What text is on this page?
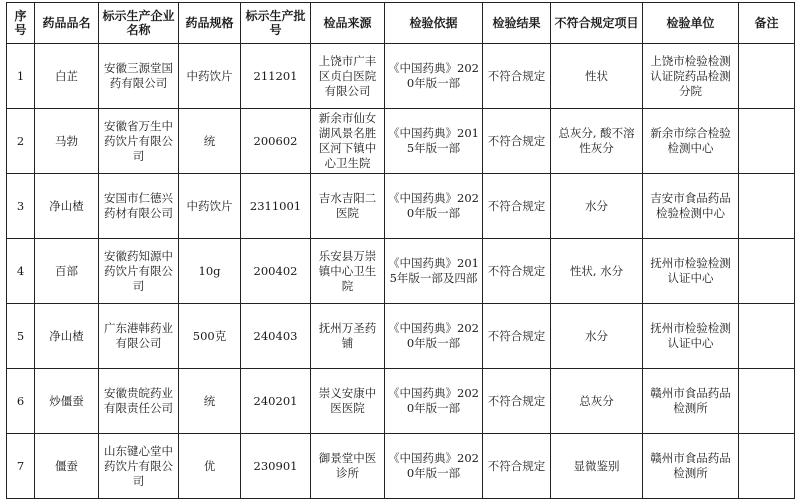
序号	药品品名	标示生产企业名称	药品规格	标示生产批号	检品来源	检验依据	检验结果	不符合规定项目	检验单位	备注
1	白芷	安徽三源堂国药有限公司	中药饮片	211201	上饶市广丰区贞白医院有限公司	《中国药典》2020年版一部	不符合规定	性状	上饶市检验检测认证院药品检测分院	
2	马勃	安徽省万生中药饮片有限公司	统	200602	新余市仙女湖风景名胜区河下镇中心卫生院	《中国药典》2015年版一部	不符合规定	总灰分, 酸不溶性灰分	新余市综合检验检测中心	
3	净山楂	安国市仁德兴药材有限公司	中药饮片	2311001	吉水吉阳二医院	《中国药典》2020年版一部	不符合规定	水分	吉安市食品药品检验检测中心	
4	百部	安徽药知源中药饮片有限公司	10g	200402	乐安县万崇镇中心卫生院	《中国药典》2015年版一部及四部	不符合规定	性状, 水分	抚州市检验检测认证中心	
5	净山楂	广东港韩药业有限公司	500克	240403	抚州万圣药铺	《中国药典》2020年版一部	不符合规定	水分	抚州市检验检测认证中心	
6	炒僵蚕	安徽贵皖药业有限责任公司	统	240201	崇义安康中医医院	《中国药典》2020年版一部	不符合规定	总灰分	赣州市食品药品检测所	
7	僵蚕	山东键心堂中药饮片有限公司	优	230901	御景堂中医诊所	《中国药典》2020年版一部	不符合规定	显微鉴别	赣州市食品药品检测所	
